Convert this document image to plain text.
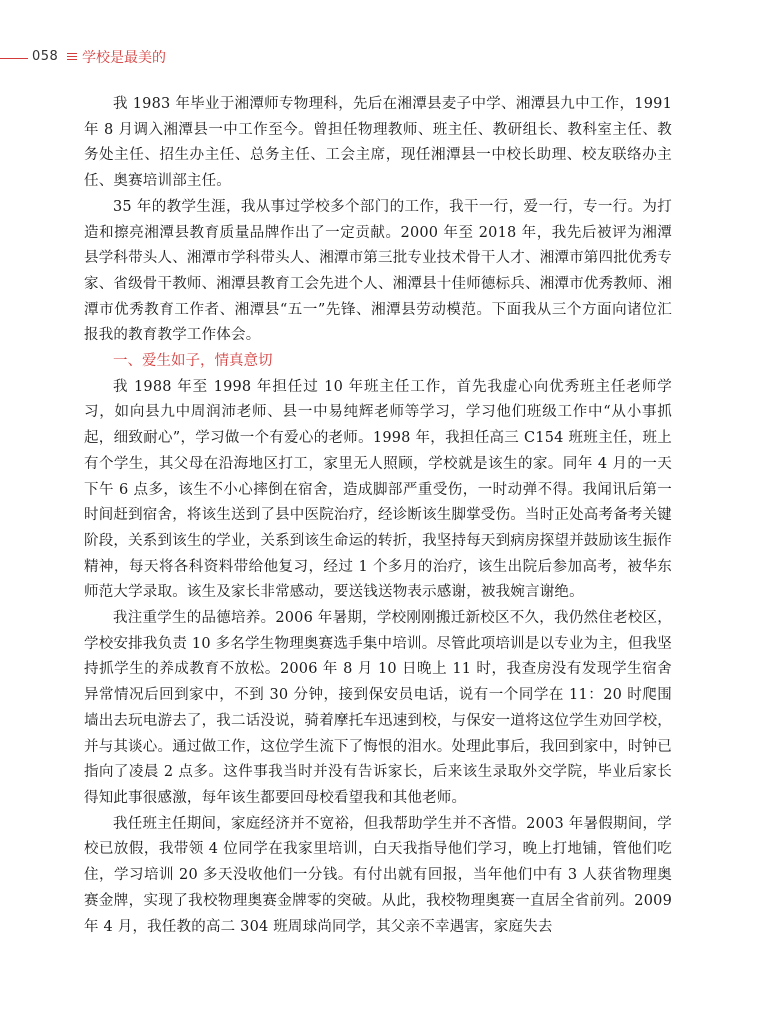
058 学校是最美的

我 1983 年毕业于湘潭师专物理科，先后在湘潭县麦子中学、湘潭县九中工作，1991 年 8 月调入湘潭县一中工作至今。曾担任物理教师、班主任、教研组长、教科室主任、教务处主任、招生办主任、总务主任、工会主席，现任湘潭县一中校长助理、校友联络办主任、奥赛培训部主任。

35 年的教学生涯，我从事过学校多个部门的工作，我干一行，爱一行，专一行。为打造和擦亮湘潭县教育质量品牌作出了一定贡献。2000 年至 2018 年，我先后被评为湘潭县学科带头人、湘潭市学科带头人、湘潭市第三批专业技术骨干人才、湘潭市第四批优秀专家、省级骨干教师、湘潭县教育工会先进个人、湘潭县十佳师德标兵、湘潭市优秀教师、湘潭市优秀教育工作者、湘潭县“五一”先锋、湘潭县劳动模范。下面我从三个方面向诸位汇报我的教育教学工作体会。

一、爱生如子，情真意切

我 1988 年至 1998 年担任过 10 年班主任工作，首先我虚心向优秀班主任老师学习，如向县九中周润沛老师、县一中易纯辉老师等学习，学习他们班级工作中“从小事抓起，细致耐心”，学习做一个有爱心的老师。1998 年，我担任高三 C154 班班主任，班上有个学生，其父母在沿海地区打工，家里无人照顾，学校就是该生的家。同年 4 月的一天下午 6 点多，该生不小心摔倒在宿舍，造成脚部严重受伤，一时动弹不得。我闻讯后第一时间赶到宿舍，将该生送到了县中医院治疗，经诊断该生脚掌受伤。当时正处高考备考关键阶段，关系到该生的学业，关系到该生命运的转折，我坚持每天到病房探望并鼓励该生振作精神，每天将各科资料带给他复习，经过 1 个多月的治疗，该生出院后参加高考，被华东师范大学录取。该生及家长非常感动，要送钱送物表示感谢，被我婉言谢绝。

我注重学生的品德培养。2006 年暑期，学校刚刚搬迁新校区不久，我仍然住老校区，学校安排我负责 10 多名学生物理奥赛选手集中培训。尽管此项培训是以专业为主，但我坚持抓学生的养成教育不放松。2006 年 8 月 10 日晚上 11 时，我查房没有发现学生宿舍异常情况后回到家中，不到 30 分钟，接到保安员电话，说有一个同学在 11：20 时爬围墙出去玩电游去了，我二话没说，骑着摩托车迅速到校，与保安一道将这位学生劝回学校，并与其谈心。通过做工作，这位学生流下了悔恨的泪水。处理此事后，我回到家中，时钟已指向了凌晨 2 点多。这件事我当时并没有告诉家长，后来该生录取外交学院，毕业后家长得知此事很感激，每年该生都要回母校看望我和其他老师。

我任班主任期间，家庭经济并不宽裕，但我帮助学生并不吝惜。2003 年暑假期间，学校已放假，我带领 4 位同学在我家里培训，白天我指导他们学习，晚上打地铺，管他们吃住，学习培训 20 多天没收他们一分钱。有付出就有回报，当年他们中有 3 人获省物理奥赛金牌，实现了我校物理奥赛金牌零的突破。从此，我校物理奥赛一直居全省前列。2009 年 4 月，我任教的高二 304 班周球尚同学，其父亲不幸遇害，家庭失去
